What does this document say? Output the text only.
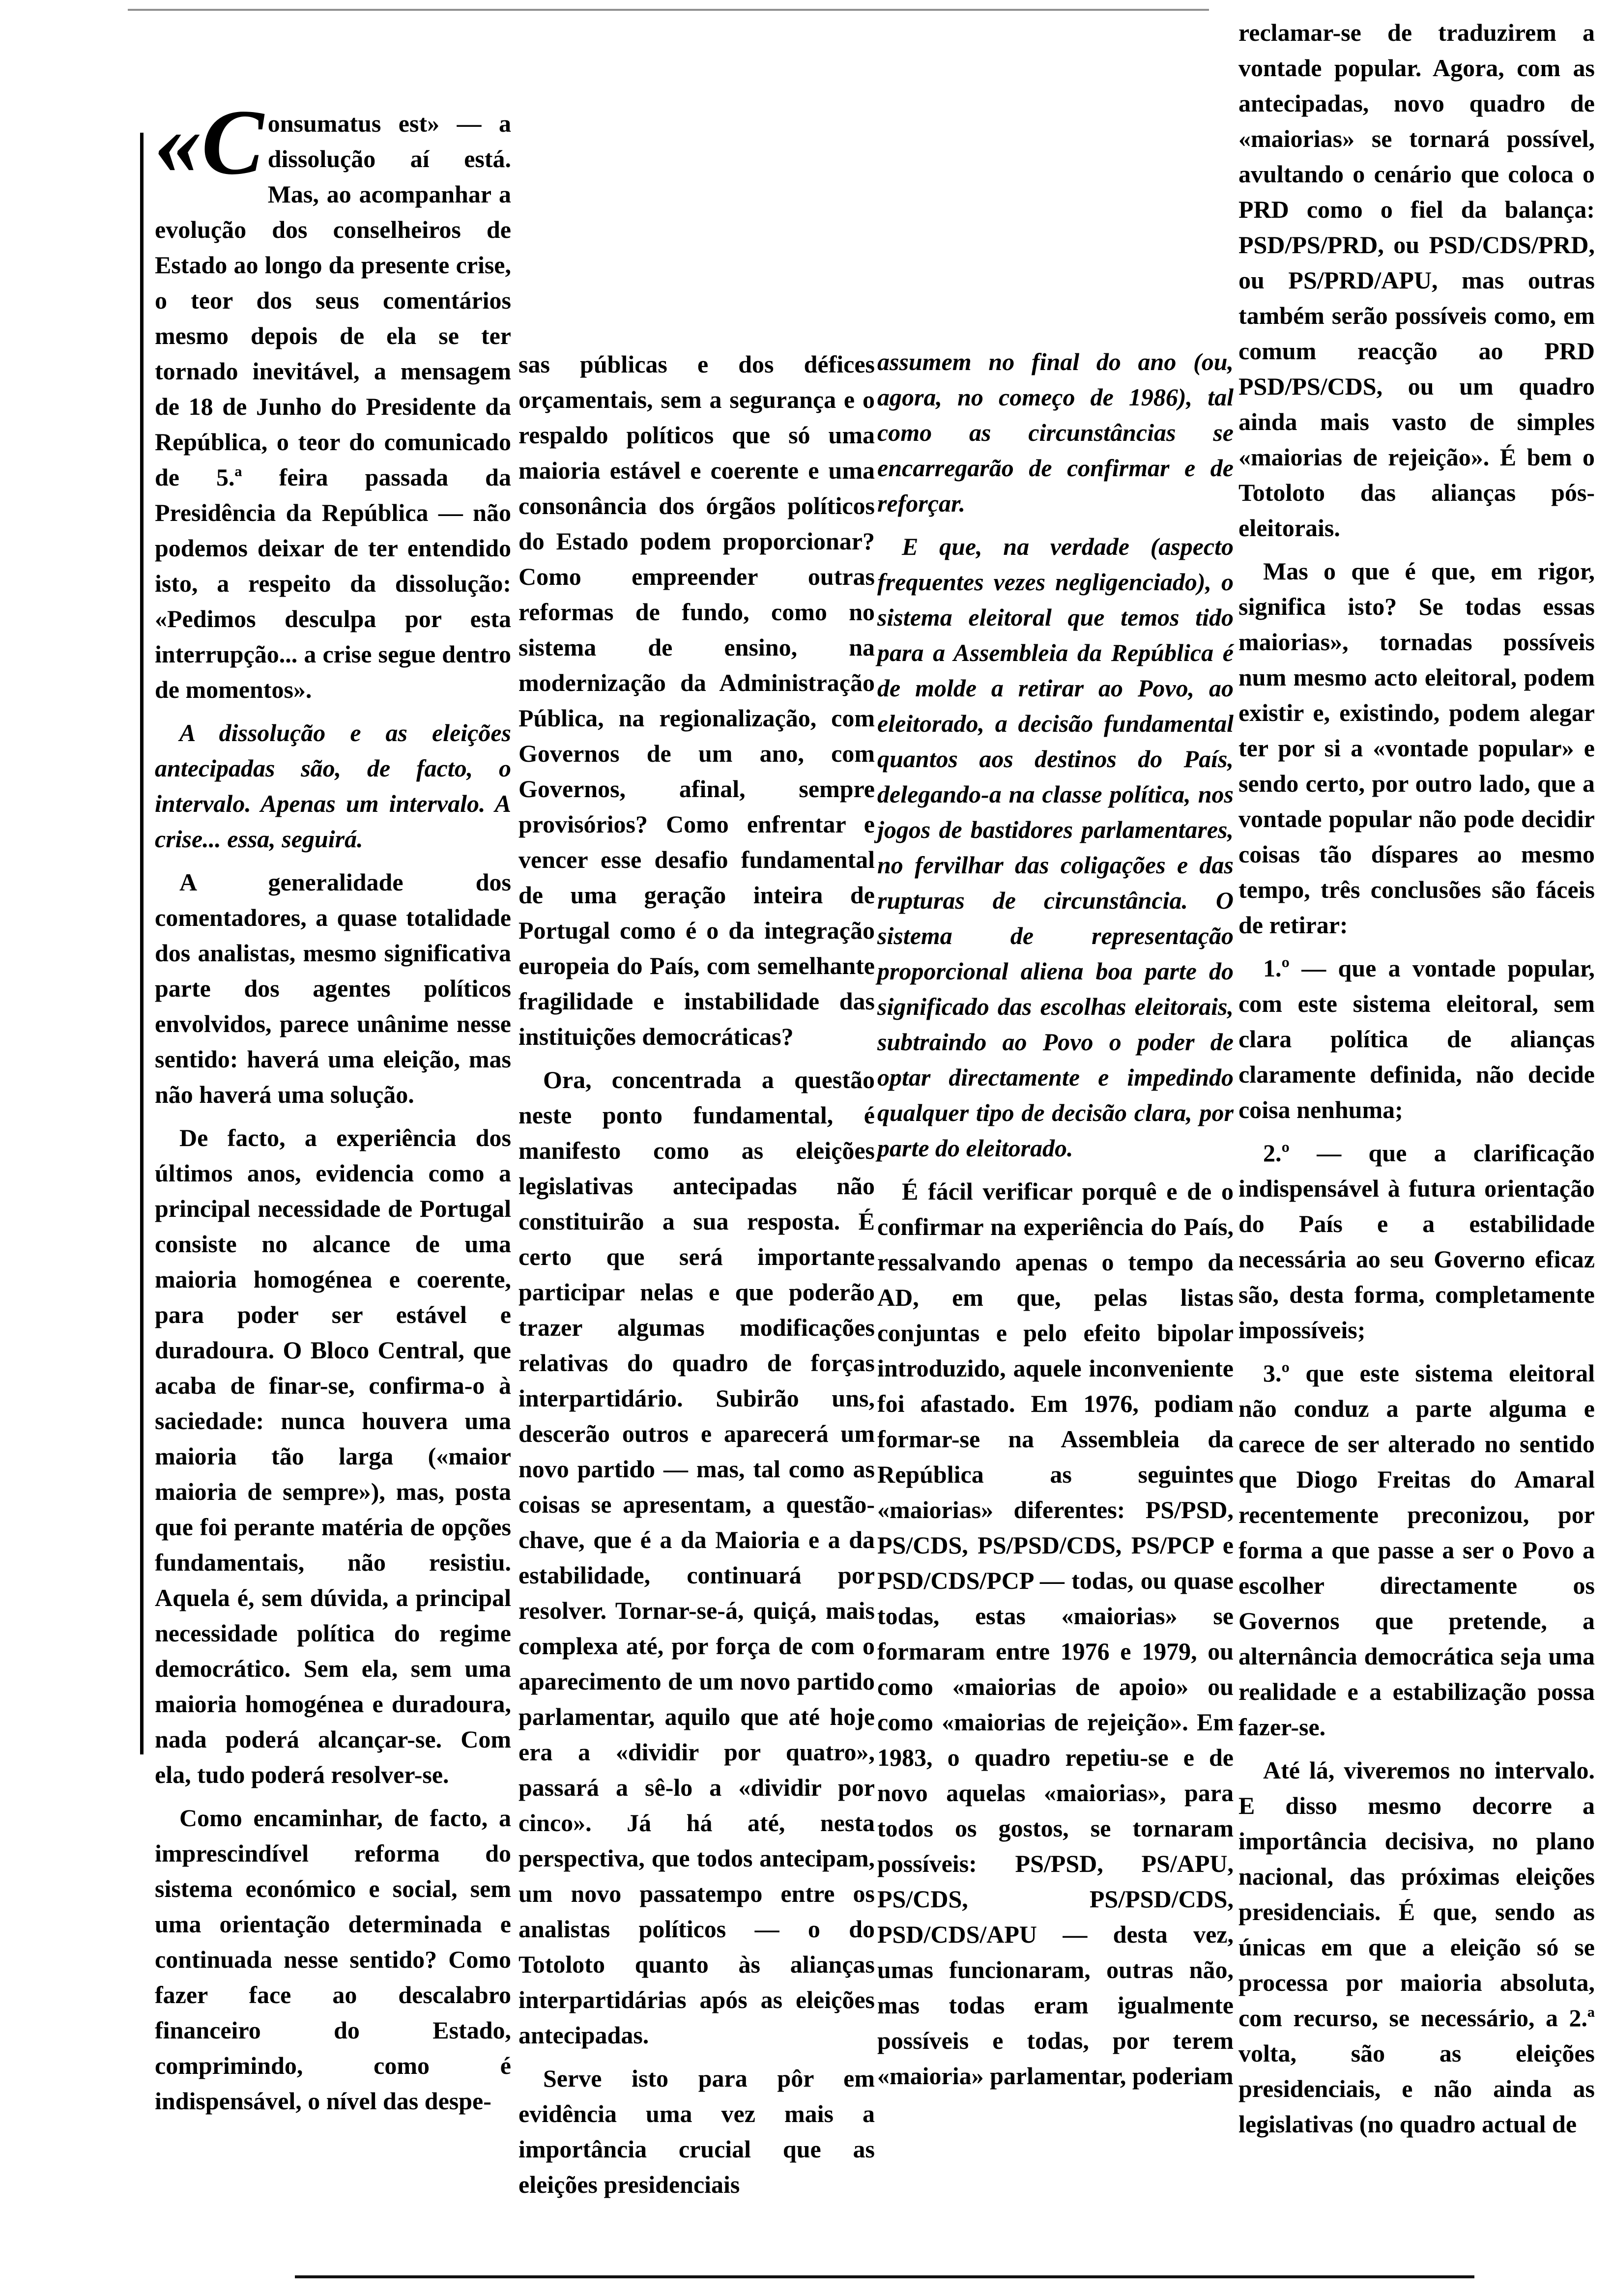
«C onsumatus est» — a dissolução aí está. Mas, ao acompanhar a evolução dos conselheiros de Estado ao longo da presente crise, o teor dos seus comentários mesmo depois de ela se ter tornado inevitável, a mensagem de 18 de Junho do Presidente da República, o teor do comunicado de 5.ª feira passada da Presidência da República — não podemos deixar de ter entendido isto, a respeito da dissolução: «Pedimos desculpa por esta interrupção... a crise segue dentro de momentos».

A dissolução e as eleições antecipadas são, de facto, o intervalo. Apenas um intervalo. A crise... essa, seguirá.

A generalidade dos comentadores, a quase totalidade dos analistas, mesmo significativa parte dos agentes políticos envolvidos, parece unânime nesse sentido: haverá uma eleição, mas não haverá uma solução.

De facto, a experiência dos últimos anos, evidencia como a principal necessidade de Portugal consiste no alcance de uma maioria homogénea e coerente, para poder ser estável e duradoura. O Bloco Central, que acaba de finar-se, confirma-o à saciedade: nunca houvera uma maioria tão larga («maior maioria de sempre»), mas, posta que foi perante matéria de opções fundamentais, não resistiu. Aquela é, sem dúvida, a principal necessidade política do regime democrático. Sem ela, sem uma maioria homogénea e duradoura, nada poderá alcançar-se. Com ela, tudo poderá resolver-se.

Como encaminhar, de facto, a imprescindível reforma do sistema económico e social, sem uma orientação determinada e continuada nesse sentido? Como fazer face ao descalabro financeiro do Estado, comprimindo, como é indispensável, o nível das despe-

sas públicas e dos défices orçamentais, sem a segurança e o respaldo políticos que só uma maioria estável e coerente e uma consonância dos órgãos políticos do Estado podem proporcionar? Como empreender outras reformas de fundo, como no sistema de ensino, na modernização da Administração Pública, na regionalização, com Governos de um ano, com Governos, afinal, sempre provisórios? Como enfrentar e vencer esse desafio fundamental de uma geração inteira de Portugal como é o da integração europeia do País, com semelhante fragilidade e instabilidade das instituições democráticas?

Ora, concentrada a questão neste ponto fundamental, é manifesto como as eleições legislativas antecipadas não constituirão a sua resposta. É certo que será importante participar nelas e que poderão trazer algumas modificações relativas do quadro de forças interpartidário. Subirão uns, descerão outros e aparecerá um novo partido — mas, tal como as coisas se apresentam, a questão-chave, que é a da Maioria e a da estabilidade, continuará por resolver. Tornar-se-á, quiçá, mais complexa até, por força de com o aparecimento de um novo partido parlamentar, aquilo que até hoje era a «dividir por quatro», passará a sê-lo a «dividir por cinco». Já há até, nesta perspectiva, que todos antecipam, um novo passatempo entre os analistas políticos — o do Totoloto quanto às alianças interpartidárias após as eleições antecipadas.

Serve isto para pôr em evidência uma vez mais a importância crucial que as eleições presidenciais

assumem no final do ano (ou, agora, no começo de 1986), tal como as circunstâncias se encarregarão de confirmar e de reforçar.

E que, na verdade (aspecto frequentes vezes negligenciado), o sistema eleitoral que temos tido para a Assembleia da República é de molde a retirar ao Povo, ao eleitorado, a decisão fundamental quantos aos destinos do País, delegando-a na classe política, nos jogos de bastidores parlamentares, no fervilhar das coligações e das rupturas de circunstância. O sistema de representação proporcional aliena boa parte do significado das escolhas eleitorais, subtraindo ao Povo o poder de optar directamente e impedindo qualquer tipo de decisão clara, por parte do eleitorado.

É fácil verificar porquê e de o confirmar na experiência do País, ressalvando apenas o tempo da AD, em que, pelas listas conjuntas e pelo efeito bipolar introduzido, aquele inconveniente foi afastado. Em 1976, podiam formar-se na Assembleia da República as seguintes «maiorias» diferentes: PS/PSD, PS/CDS, PS/PSD/CDS, PS/PCP e PSD/CDS/PCP — todas, ou quase todas, estas «maiorias» se formaram entre 1976 e 1979, ou como «maiorias de apoio» ou como «maiorias de rejeição». Em 1983, o quadro repetiu-se e de novo aquelas «maiorias», para todos os gostos, se tornaram possíveis: PS/PSD, PS/APU, PS/CDS, PS/PSD/CDS, PSD/CDS/APU — desta vez, umas funcionaram, outras não, mas todas eram igualmente possíveis e todas, por terem «maioria» parlamentar, poderiam

reclamar-se de traduzirem a vontade popular. Agora, com as antecipadas, novo quadro de «maiorias» se tornará possível, avultando o cenário que coloca o PRD como o fiel da balança: PSD/PS/PRD, ou PSD/CDS/PRD, ou PS/PRD/APU, mas outras também serão possíveis como, em comum reacção ao PRD PSD/PS/CDS, ou um quadro ainda mais vasto de simples «maiorias de rejeição». É bem o Totoloto das alianças pós-eleitorais.

Mas o que é que, em rigor, significa isto? Se todas essas maiorias», tornadas possíveis num mesmo acto eleitoral, podem existir e, existindo, podem alegar ter por si a «vontade popular» e sendo certo, por outro lado, que a vontade popular não pode decidir coisas tão díspares ao mesmo tempo, três conclusões são fáceis de retirar:

1.º — que a vontade popular, com este sistema eleitoral, sem clara política de alianças claramente definida, não decide coisa nenhuma;

2.º — que a clarificação indispensável à futura orientação do País e a estabilidade necessária ao seu Governo eficaz são, desta forma, completamente impossíveis;

3.º que este sistema eleitoral não conduz a parte alguma e carece de ser alterado no sentido que Diogo Freitas do Amaral recentemente preconizou, por forma a que passe a ser o Povo a escolher directamente os Governos que pretende, a alternância democrática seja uma realidade e a estabilização possa fazer-se.

Até lá, viveremos no intervalo. E disso mesmo decorre a importância decisiva, no plano nacional, das próximas eleições presidenciais. É que, sendo as únicas em que a eleição só se processa por maioria absoluta, com recurso, se necessário, a 2.ª volta, são as eleições presidenciais, e não ainda as legislativas (no quadro actual de
